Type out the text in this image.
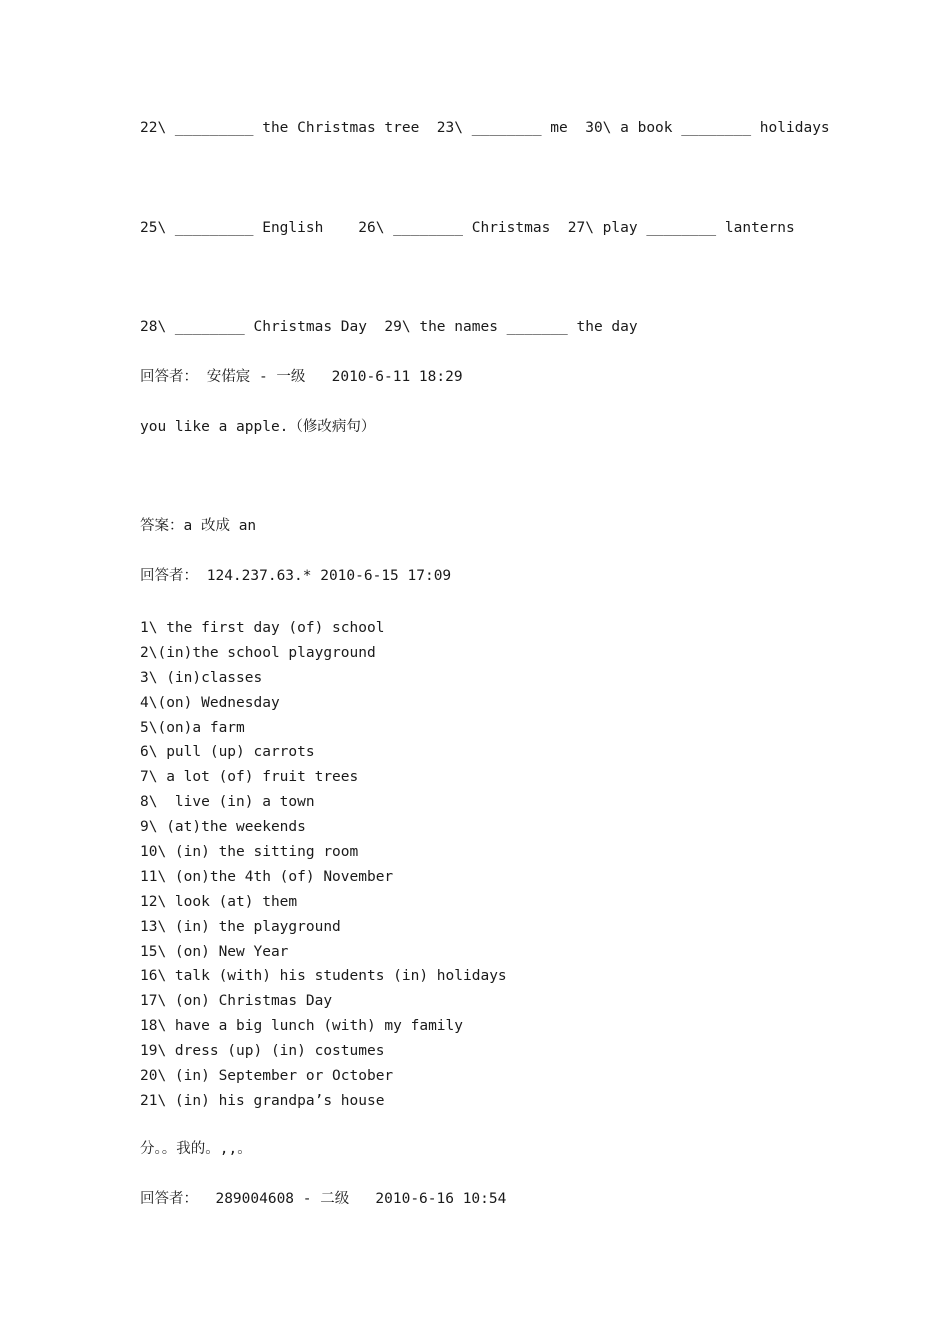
22\ _________ the Christmas tree  23\ ________ me  30\ a book ________ holidays
25\ _________ English    26\ ________ Christmas  27\ play ________ lanterns
28\ ________ Christmas Day  29\ the names _______ the day
回答者： 安偌宸 - 一级   2010-6-11 18:29
you like a apple.（修改病句）
答案：a 改成 an
回答者： 124.237.63.* 2010-6-15 17:09
1\ the first day (of) school
2\(in)the school playground
3\ (in)classes
4\(on) Wednesday
5\(on)a farm
6\ pull (up) carrots
7\ a lot (of) fruit trees
8\  live (in) a town
9\ (at)the weekends
10\ (in) the sitting room
11\ (on)the 4th (of) November
12\ look (at) them
13\ (in) the playground
15\ (on) New Year
16\ talk (with) his students (in) holidays
17\ (on) Christmas Day
18\ have a big lunch (with) my family
19\ dress (up) (in) costumes
20\ (in) September or October
21\ (in) his grandpa’s house
分。。我的。,,。
回答者：  289004608 - 二级   2010-6-16 10:54
